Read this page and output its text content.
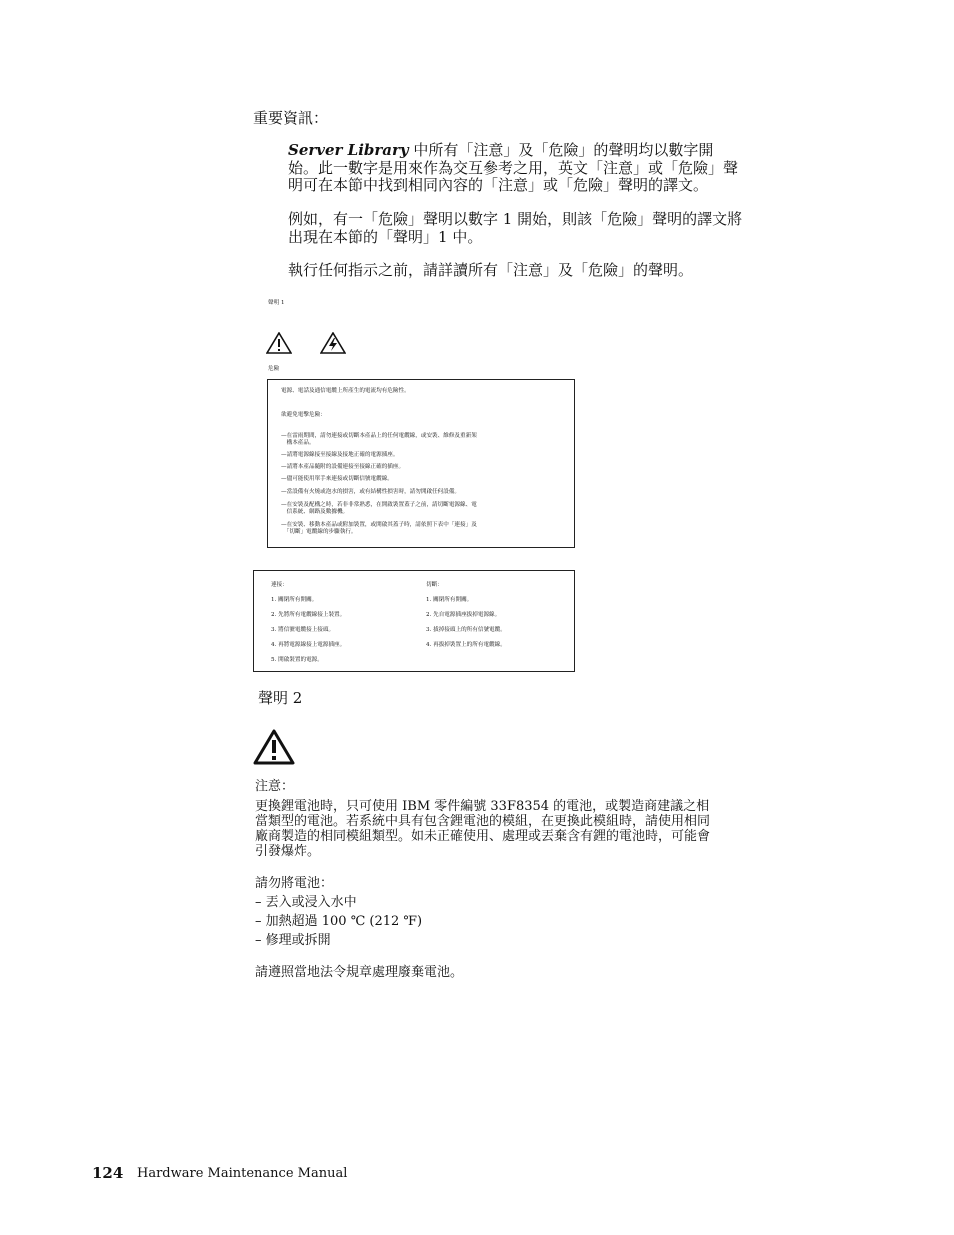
重要資訊：
Server Library 中所有「注意」及「危險」的聲明均以數字開
始。此一數字是用來作為交互參考之用，英文「注意」或「危險」聲
明可在本節中找到相同內容的「注意」或「危險」聲明的譯文。
例如，有一「危險」聲明以數字 1 開始，則該「危險」聲明的譯文將
出現在本節的「聲明」1 中。
執行任何指示之前，請詳讀所有「注意」及「危險」的聲明。
聲明 1
危險
電源、電話及通信電纜上所產生的電流均有危險性。
欲避免電擊危險：
—在雷雨期間，請勿連接或切斷本產品上的任何電纜線，或安裝、維修及重新架
　構本產品。
—請將電源線接至接線及接地正確的電源插座。
—請將本產品隨附的設備連接至接線正確的插座。
—儘可能使用單手來連接或切斷信號電纜線。
—當設備有火燒或泡水的損害，或有結構性損害時，請勿開啟任何設備。
—在安裝及配構之時，若非非常熟悉，在開啟裝置蓋子之前，請切斷電源線、電
　信系統、網路及數據機。
—在安裝、移動本產品或附加裝置，或開啟其蓋子時，請依照下表中「連接」及
　「切斷」電纜線的步驟執行。
連接：
1. 關閉所有開關。
2. 先將所有電纜線接上裝置。
3. 將信號電纜接上接頭。
4. 再將電源線接上電源插座。
5. 開啟裝置的電源。
切斷：
1. 關閉所有開關。
2. 先自電源插座拔掉電源線。
3. 拔掉接頭上的所有信號電纜。
4. 再拔掉裝置上的所有電纜線。
聲明 2
注意：
更換鋰電池時，只可使用 IBM 零件編號 33F8354 的電池，或製造商建議之相
當類型的電池。若系統中具有包含鋰電池的模組，在更換此模組時，請使用相同
廠商製造的相同模組類型。如未正確使用、處理或丟棄含有鋰的電池時，可能會
引發爆炸。
請勿將電池：
– 丟入或浸入水中
– 加熱超過 100 ℃ (212 ℉)
– 修理或拆開
請遵照當地法令規章處理廢棄電池。
124 Hardware Maintenance Manual
